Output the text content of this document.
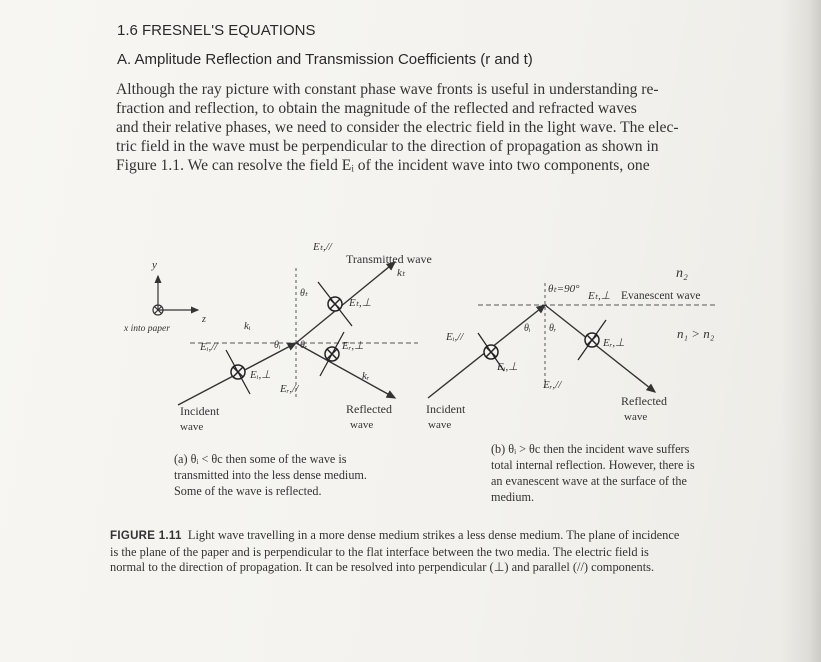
1.6 FRESNEL'S EQUATIONS
A. Amplitude Reflection and Transmission Coefficients (r and t)
Although the ray picture with constant phase wave fronts is useful in understanding re-
fraction and reflection, to obtain the magnitude of the reflected and refracted waves
and their relative phases, we need to consider the electric field in the light wave. The elec-
tric field in the wave must be perpendicular to the direction of propagation as shown in
Figure 1.1. We can resolve the field Eᵢ of the incident wave into two components, one
y
z
x into paper
Transmitted wave
Eₜ,//
kₜ
θₜ
Eₜ,⊥
kᵢ
θᵢ θᵣ	Eᵣ,⊥
Eᵢ,//
Eᵢ,⊥
Eᵣ,//
kᵣ
Incident
wave
Reflected
wave
n₂
θₜ=90°
Eₜ,⊥ Evanescent wave
n₁ > n₂
Eᵢ,//
θᵢ θᵣ
Eᵣ,⊥
Eᵢ,⊥
Eᵣ,//
Incident
wave
Reflected
wave
(a) θᵢ < θc then some of the wave is
transmitted into the less dense medium.
Some of the wave is reflected.
(b) θᵢ > θc then the incident wave suffers
total internal reflection. However, there is
an evanescent wave at the surface of the
medium.
FIGURE 1.11 Light wave travelling in a more dense medium strikes a less dense medium. The plane of incidence
is the plane of the paper and is perpendicular to the flat interface between the two media. The electric field is
normal to the direction of propagation. It can be resolved into perpendicular (⊥) and parallel (//) components.
